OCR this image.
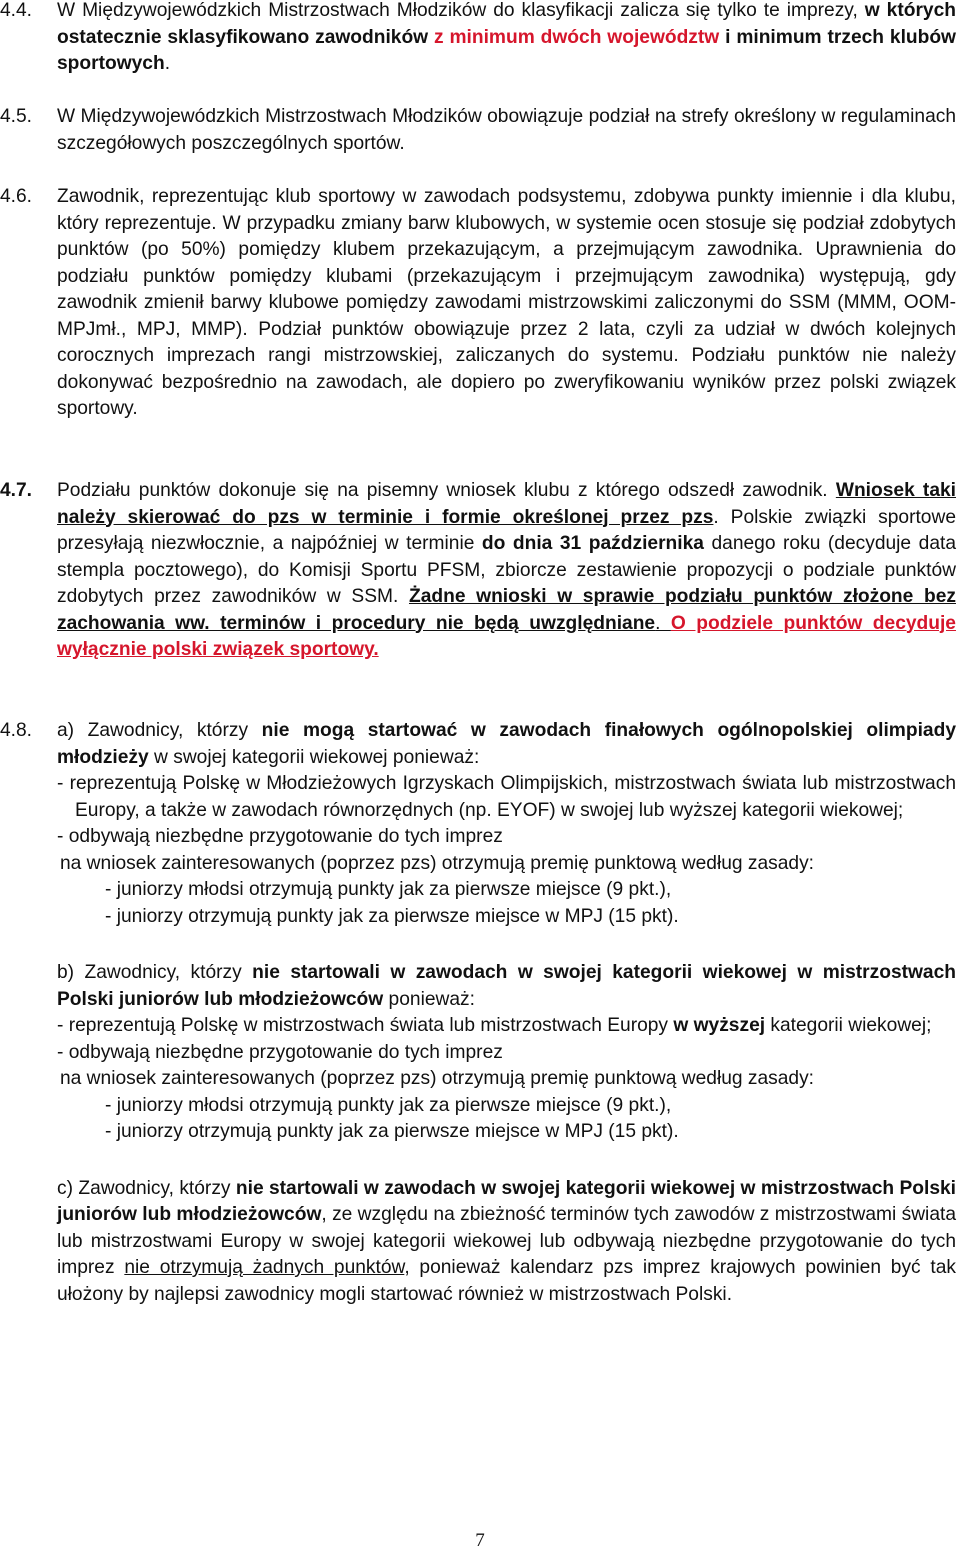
4.4.	W Międzywojewódzkich Mistrzostwach Młodzików do klasyfikacji zalicza się tylko te imprezy, w których ostatecznie sklasyfikowano zawodników z minimum dwóch województw i minimum trzech klubów sportowych.
4.5.	W Międzywojewódzkich Mistrzostwach Młodzików obowiązuje podział na strefy określony w regulaminach szczegółowych poszczególnych sportów.
4.6.	Zawodnik, reprezentując klub sportowy w zawodach podsystemu, zdobywa punkty imiennie i dla klubu, który reprezentuje. W przypadku zmiany barw klubowych, w systemie ocen stosuje się podział zdobytych punktów (po 50%) pomiędzy klubem przekazującym, a przejmującym zawodnika. Uprawnienia do podziału punktów pomiędzy klubami (przekazującym i przejmującym zawodnika) występują, gdy zawodnik zmienił barwy klubowe pomiędzy zawodami mistrzowskimi zaliczonymi do SSM (MMM, OOM-MPJmł., MPJ, MMP). Podział punktów obowiązuje przez 2 lata, czyli za udział w dwóch kolejnych corocznych imprezach rangi mistrzowskiej, zaliczanych do systemu. Podziału punktów nie należy dokonywać bezpośrednio na zawodach, ale dopiero po zweryfikowaniu wyników przez polski związek sportowy.
4.7.	Podziału punktów dokonuje się na pisemny wniosek klubu z którego odszedł zawodnik. Wniosek taki należy skierować do pzs w terminie i formie określonej przez pzs. Polskie związki sportowe przesyłają niezwłocznie, a najpóźniej w terminie do dnia 31 października danego roku (decyduje data stempla pocztowego), do Komisji Sportu PFSM, zbiorcze zestawienie propozycji o podziale punktów zdobytych przez zawodników w SSM. Żadne wnioski w sprawie podziału punktów złożone bez zachowania ww. terminów i procedury nie będą uwzględniane. O podziele punktów decyduje wyłącznie polski związek sportowy.
4.8.	a) Zawodnicy, którzy nie mogą startować w zawodach finałowych ogólnopolskiej olimpiady młodzieży w swojej kategorii wiekowej ponieważ:
- reprezentują Polskę w Młodzieżowych Igrzyskach Olimpijskich, mistrzostwach świata lub mistrzostwach Europy, a także w zawodach równorzędnych (np. EYOF) w swojej lub wyższej kategorii wiekowej;
- odbywają niezbędne przygotowanie do tych imprez
na wniosek zainteresowanych (poprzez pzs) otrzymują premię punktową według zasady:
- juniorzy młodsi otrzymują punkty jak za pierwsze miejsce (9 pkt.),
- juniorzy otrzymują punkty jak za pierwsze miejsce w MPJ (15 pkt).
b) Zawodnicy, którzy nie startowali w zawodach w swojej kategorii wiekowej w mistrzostwach Polski juniorów lub młodzieżowców ponieważ:
- reprezentują Polskę w mistrzostwach świata lub mistrzostwach Europy w wyższej kategorii wiekowej;
- odbywają niezbędne przygotowanie do tych imprez
na wniosek zainteresowanych (poprzez pzs) otrzymują premię punktową według zasady:
- juniorzy młodsi otrzymują punkty jak za pierwsze miejsce (9 pkt.),
- juniorzy otrzymują punkty jak za pierwsze miejsce w MPJ (15 pkt).
c) Zawodnicy, którzy nie startowali w zawodach w swojej kategorii wiekowej w mistrzostwach Polski juniorów lub młodzieżowców, ze względu na zbieżność terminów tych zawodów z mistrzostwami świata lub mistrzostwami Europy w swojej kategorii wiekowej lub odbywają niezbędne przygotowanie do tych imprez nie otrzymują żadnych punktów, ponieważ kalendarz pzs imprez krajowych powinien być tak ułożony by najlepsi zawodnicy mogli startować również w mistrzostwach Polski.
7
